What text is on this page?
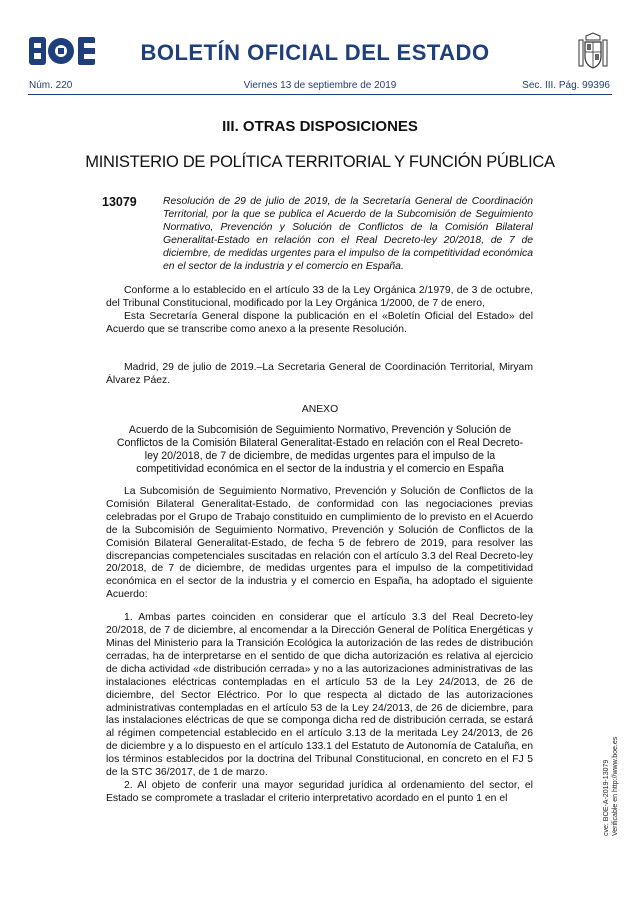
BOLETÍN OFICIAL DEL ESTADO
Núm. 220	Viernes 13 de septiembre de 2019	Sec. III. Pág. 99396
III. OTRAS DISPOSICIONES
MINISTERIO DE POLÍTICA TERRITORIAL Y FUNCIÓN PÚBLICA
13079	Resolución de 29 de julio de 2019, de la Secretaría General de Coordinación Territorial, por la que se publica el Acuerdo de la Subcomisión de Seguimiento Normativo, Prevención y Solución de Conflictos de la Comisión Bilateral Generalitat-Estado en relación con el Real Decreto-ley 20/2018, de 7 de diciembre, de medidas urgentes para el impulso de la competitividad económica en el sector de la industria y el comercio en España.

Conforme a lo establecido en el artículo 33 de la Ley Orgánica 2/1979, de 3 de octubre, del Tribunal Constitucional, modificado por la Ley Orgánica 1/2000, de 7 de enero,

Esta Secretaría General dispone la publicación en el «Boletín Oficial del Estado» del Acuerdo que se transcribe como anexo a la presente Resolución.

Madrid, 29 de julio de 2019.–La Secretaria General de Coordinación Territorial, Miryam Álvarez Páez.

ANEXO
Acuerdo de la Subcomisión de Seguimiento Normativo, Prevención y Solución de Conflictos de la Comisión Bilateral Generalitat-Estado en relación con el Real Decreto-ley 20/2018, de 7 de diciembre, de medidas urgentes para el impulso de la competitividad económica en el sector de la industria y el comercio en España

La Subcomisión de Seguimiento Normativo, Prevención y Solución de Conflictos de la Comisión Bilateral Generalitat-Estado, de conformidad con las negociaciones previas celebradas por el Grupo de Trabajo constituido en cumplimiento de lo previsto en el Acuerdo de la Subcomisión de Seguimiento Normativo, Prevención y Solución de Conflictos de la Comisión Bilateral Generalitat-Estado, de fecha 5 de febrero de 2019, para resolver las discrepancias competenciales suscitadas en relación con el artículo 3.3 del Real Decreto-ley 20/2018, de 7 de diciembre, de medidas urgentes para el impulso de la competitividad económica en el sector de la industria y el comercio en España, ha adoptado el siguiente Acuerdo:

1. Ambas partes coinciden en considerar que el artículo 3.3 del Real Decreto-ley 20/2018, de 7 de diciembre, al encomendar a la Dirección General de Política Energéticas y Minas del Ministerio para la Transición Ecológica la autorización de las redes de distribución cerradas, ha de interpretarse en el sentido de que dicha autorización es relativa al ejercicio de dicha actividad «de distribución cerrada» y no a las autorizaciones administrativas de las instalaciones eléctricas contempladas en el artículo 53 de la Ley 24/2013, de 26 de diciembre, del Sector Eléctrico. Por lo que respecta al dictado de las autorizaciones administrativas contempladas en el artículo 53 de la Ley 24/2013, de 26 de diciembre, para las instalaciones eléctricas de que se componga dicha red de distribución cerrada, se estará al régimen competencial establecido en el artículo 3.13 de la meritada Ley 24/2013, de 26 de diciembre y a lo dispuesto en el artículo 133.1 del Estatuto de Autonomía de Cataluña, en los términos establecidos por la doctrina del Tribunal Constitucional, en concreto en el FJ 5 de la STC 36/2017, de 1 de marzo.

2. Al objeto de conferir una mayor seguridad jurídica al ordenamiento del sector, el Estado se compromete a trasladar el criterio interpretativo acordado en el punto 1 en el	cve: BOE-A-2019-13079 Verificable en http://www.boe.es
